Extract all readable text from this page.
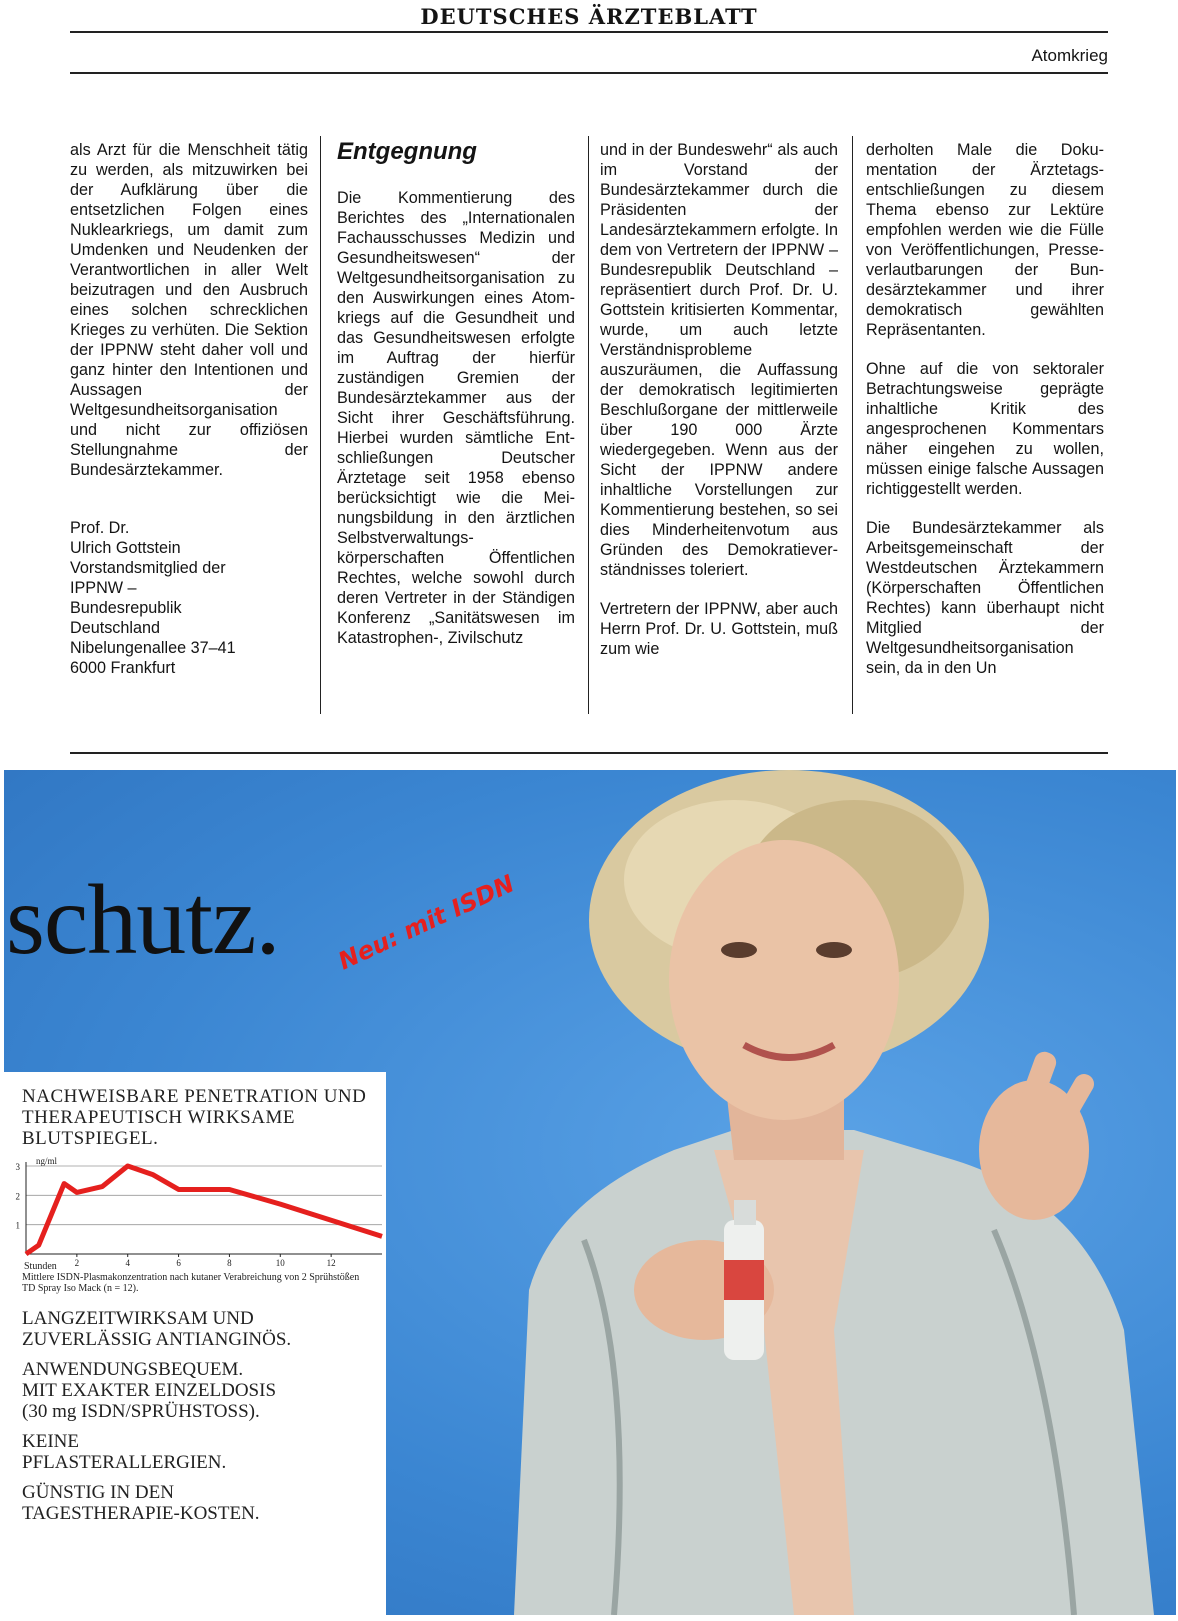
DEUTSCHES ÄRZTEBLATT
Atomkrieg

als Arzt für die Menschheit tätig zu werden, als mitzuwirken bei der Aufklärung über die entsetzlichen Folgen eines Nuklearkriegs, um damit zum Umdenken und Neudenken der Verantwortlichen in aller Welt beizutragen und den Ausbruch eines solchen schrecklichen Krieges zu verhüten. Die Sektion der IPPNW steht daher voll und ganz hinter den Intentionen und Aussagen der Weltgesundheitsorganisation und nicht zur offiziösen Stellungnahme der Bundesärztekammer.

Prof. Dr.
Ulrich Gottstein
Vorstandsmitglied der
IPPNW –
Bundesrepublik
Deutschland
Nibelungenallee 37–41
6000 Frankfurt

Entgegnung

Die Kommentierung des Berichtes des „Internationalen Fachausschusses Medizin und Gesundheitswesen“ der Weltgesundheitsorganisation zu den Auswirkungen eines Atomkriegs auf die Gesundheit und das Gesundheitswesen erfolgte im Auftrag der hierfür zuständigen Gremien der Bundesärztekammer aus der Sicht ihrer Geschäftsführung. Hierbei wurden sämtliche Entschließungen Deutscher Ärztetage seit 1958 ebenso berücksichtigt wie die Meinungsbildung in den ärztlichen Selbstverwaltungskörperschaften Öffentlichen Rechtes, welche sowohl durch deren Vertreter in der Ständigen Konferenz „Sanitätswesen im Katastrophen-, Zivilschutz

und in der Bundeswehr“ als auch im Vorstand der Bundesärztekammer durch die Präsidenten der Landesärztekammern erfolgte. In dem von Vertretern der IPPNW – Bundesrepublik Deutschland – repräsentiert durch Prof. Dr. U. Gottstein kritisierten Kommentar, wurde, um auch letzte Verständnisprobleme auszuräumen, die Auffassung der demokratisch legitimierten Beschlußorgane der mittlerweile über 190 000 Ärzte wiedergegeben. Wenn aus der Sicht der IPPNW andere inhaltliche Vorstellungen zur Kommentierung bestehen, so sei dies Minderheitenvotum aus Gründen des Demokratieverständnisses toleriert.

Vertretern der IPPNW, aber auch Herrn Prof. Dr. U. Gottstein, muß zum wie

derholten Male die Dokumentation der Ärztetagsentschließungen zu diesem Thema ebenso zur Lektüre empfohlen werden wie die Fülle von Veröffentlichungen, Presseverlautbarungen der Bundesärztekammer und ihrer demokratisch gewählten Repräsentanten.

Ohne auf die von sektoraler Betrachtungsweise geprägte inhaltliche Kritik des angesprochenen Kommentars näher eingehen zu wollen, müssen einige falsche Aussagen richtiggestellt werden.

Die Bundesärztekammer als Arbeitsgemeinschaft der Westdeutschen Ärztekammern (Körperschaften Öffentlichen Rechtes) kann überhaupt nicht Mitglied der Weltgesundheitsorganisation sein, da in den Un

schutz. Neu: mit ISDN
NACHWEISBARE PENETRATION UND THERAPEUTISCH WIRKSAME BLUTSPIEGEL.
1
2
3
ng/ml
Stunden 2	4	6	8	10	12
Mittlere ISDN-Plasmakonzentration nach kutaner Verabreichung von 2 Sprühstößen TD Spray Iso Mack (n = 12).

LANGZEITWIRKSAM UND
ZUVERLÄSSIG ANTIANGINÖS.

ANWENDUNGSBEQUEM.
MIT EXAKTER EINZELDOSIS
(30 mg ISDN/SPRÜHSTOSS).

KEINE
PFLASTERALLERGIEN.

GÜNSTIG IN DEN
TAGESTHERAPIE-KOSTEN.
